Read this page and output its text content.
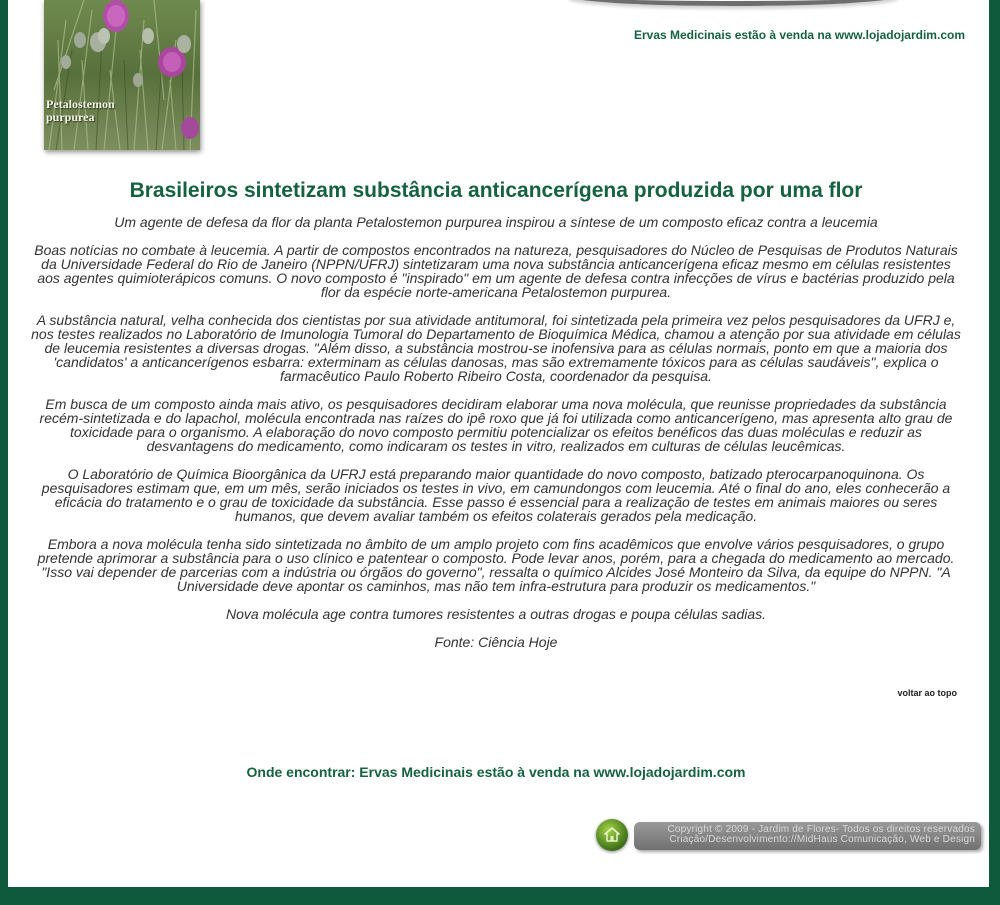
Petalostemon
purpurea
Ervas Medicinais estão à venda na www.lojadojardim.com
Brasileiros sintetizam substância anticancerígena produzida por uma flor

Um agente de defesa da flor da planta Petalostemon purpurea inspirou a síntese de um composto eficaz contra a leucemia

Boas notícias no combate à leucemia. A partir de compostos encontrados na natureza, pesquisadores do Núcleo de Pesquisas de Produtos Naturais da Universidade Federal do Rio de Janeiro (NPPN/UFRJ) sintetizaram uma nova substância anticancerígena eficaz mesmo em células resistentes aos agentes quimioterápicos comuns. O novo composto é "inspirado" em um agente de defesa contra infecções de vírus e bactérias produzido pela flor da espécie norte-americana Petalostemon purpurea.

A substância natural, velha conhecida dos cientistas por sua atividade antitumoral, foi sintetizada pela primeira vez pelos pesquisadores da UFRJ e, nos testes realizados no Laboratório de Imunologia Tumoral do Departamento de Bioquímica Médica, chamou a atenção por sua atividade em células de leucemia resistentes a diversas drogas. "Além disso, a substância mostrou-se inofensiva para as células normais, ponto em que a maioria dos 'candidatos' a anticancerígenos esbarra: exterminam as células danosas, mas são extremamente tóxicos para as células saudáveis", explica o farmacêutico Paulo Roberto Ribeiro Costa, coordenador da pesquisa.

Em busca de um composto ainda mais ativo, os pesquisadores decidiram elaborar uma nova molécula, que reunisse propriedades da substância recém-sintetizada e do lapachol, molécula encontrada nas raízes do ipê roxo que já foi utilizada como anticancerígeno, mas apresenta alto grau de toxicidade para o organismo. A elaboração do novo composto permitiu potencializar os efeitos benéficos das duas moléculas e reduzir as desvantagens do medicamento, como indicaram os testes in vitro, realizados em culturas de células leucêmicas.

O Laboratório de Química Bioorgânica da UFRJ está preparando maior quantidade do novo composto, batizado pterocarpanoquinona. Os pesquisadores estimam que, em um mês, serão iniciados os testes in vivo, em camundongos com leucemia. Até o final do ano, eles conhecerão a eficácia do tratamento e o grau de toxicidade da substância. Esse passo é essencial para a realização de testes em animais maiores ou seres humanos, que devem avaliar também os efeitos colaterais gerados pela medicação.

Embora a nova molécula tenha sido sintetizada no âmbito de um amplo projeto com fins acadêmicos que envolve vários pesquisadores, o grupo pretende aprimorar a substância para o uso clínico e patentear o composto. Pode levar anos, porém, para a chegada do medicamento ao mercado. "Isso vai depender de parcerias com a indústria ou órgãos do governo", ressalta o químico Alcides José Monteiro da Silva, da equipe do NPPN. "A Universidade deve apontar os caminhos, mas não tem infra-estrutura para produzir os medicamentos."

Nova molécula age contra tumores resistentes a outras drogas e poupa células sadias.

Fonte: Ciência Hoje

voltar ao topo
Onde encontrar: Ervas Medicinais estão à venda na www.lojadojardim.com
Copyright © 2009 - Jardim de Flores- Todos os direitos reservados
Criação/Desenvolvimento://MidHaus Comunicação, Web e Design
